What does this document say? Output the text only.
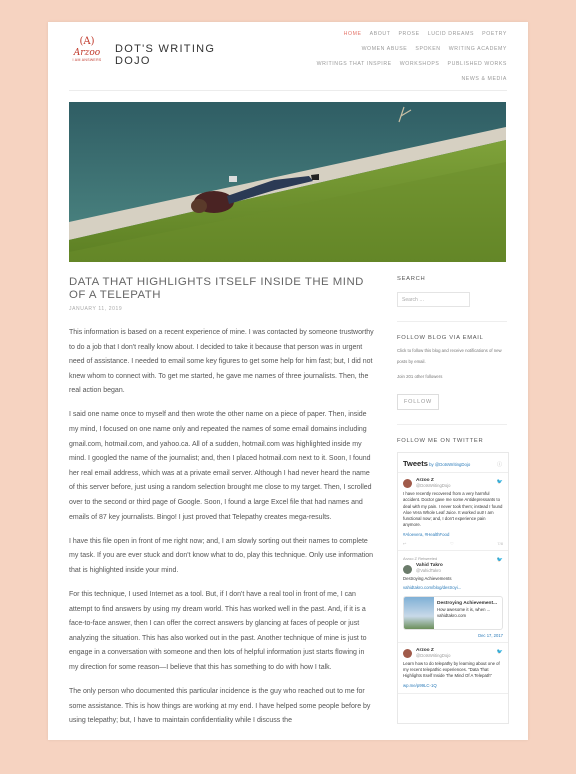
(A)
Arzoo
I AM ANSWERS
DOT'S WRITING
DOJO
HOME ABOUT PROSE LUCID DREAMS POETRY
WOMEN ABUSE SPOKEN WRITING ACADEMY
WRITINGS THAT INSPIRE WORKSHOPS PUBLISHED WORKS
NEWS & MEDIA
DATA THAT HIGHLIGHTS ITSELF INSIDE THE MIND OF A TELEPATH
JANUARY 11, 2019

This information is based on a recent experience of mine. I was contacted by someone trustworthy to do a job that I don't really know about. I decided to take it because that person was in urgent need of assistance. I needed to email some key figures to get some help for him fast; but, I did not knew whom to connect with. To get me started, he gave me names of three journalists. Then, the real action began.

I said one name once to myself and then wrote the other name on a piece of paper. Then, inside my mind, I focused on one name only and repeated the names of some email domains including gmail.com, hotmail.com, and yahoo.ca. All of a sudden, hotmail.com was highlighted inside my mind. I googled the name of the journalist; and, then I placed hotmail.com next to it. Soon, I found her real email address, which was at a private email server. Although I had never heard the name of this server before, just using a random selection brought me close to my target. Then, I scrolled over to the second or third page of Google. Soon, I found a large Excel file that had names and emails of 87 key journalists. Bingo! I just proved that Telepathy creates mega-results.

I have this file open in front of me right now; and, I am slowly sorting out their names to complete my task. If you are ever stuck and don't know what to do, play this technique. Only use information that is highlighted inside your mind.

For this technique, I used Internet as a tool. But, if I don't have a real tool in front of me, I can attempt to find answers by using my dream world. This has worked well in the past. And, if it is a face-to-face answer, then I can offer the correct answers by glancing at faces of people or just analyzing the situation. This has also worked out in the past. Another technique of mine is just to engage in a conversation with someone and then lots of helpful information just starts flowing in my direction for some reason—I believe that this has something to do with how I talk.

The only person who documented this particular incidence is the guy who reached out to me for some assistance. This is how things are working at my end. I have helped some people before by using telepathy; but, I have to maintain confidentiality while I discuss the

SEARCH
Search …
FOLLOW BLOG VIA EMAIL
Click to follow this blog and receive notifications of new posts by email.
Join 201 other followers
FOLLOW
FOLLOW ME ON TWITTER
Tweets by @DotsWritingDojo	ⓘ
🐦
Arzoo Z
@DotsWritingDojo
I have recently recovered from a very harmful accident. Doctor gave me some Antidepressants to deal with my pain. I never took them; instead I found Aloe Vera Whole Leaf Juice. It worked out! I am functional now; and, I don't experience pain anymore.
#Aloevera, #HealthFood
↩	♡	7/8
Arzoo Z Retweeted	🐦
Vahid Takro
@VahidTakro
Destroying Achievements
vahidtakro.com/blog/destroyi...
Destroying Achievement...
How awesome it is, when ...
vahidtakro.com
Dec 17, 2017
🐦
Arzoo Z
@DotsWritingDojo
Learn how to do telepathy by learning about one of my recent telepathic experiences. "Data That Highlights Itself Inside The Mind Of A Telepath"
wp.me/p99LC-1Q
